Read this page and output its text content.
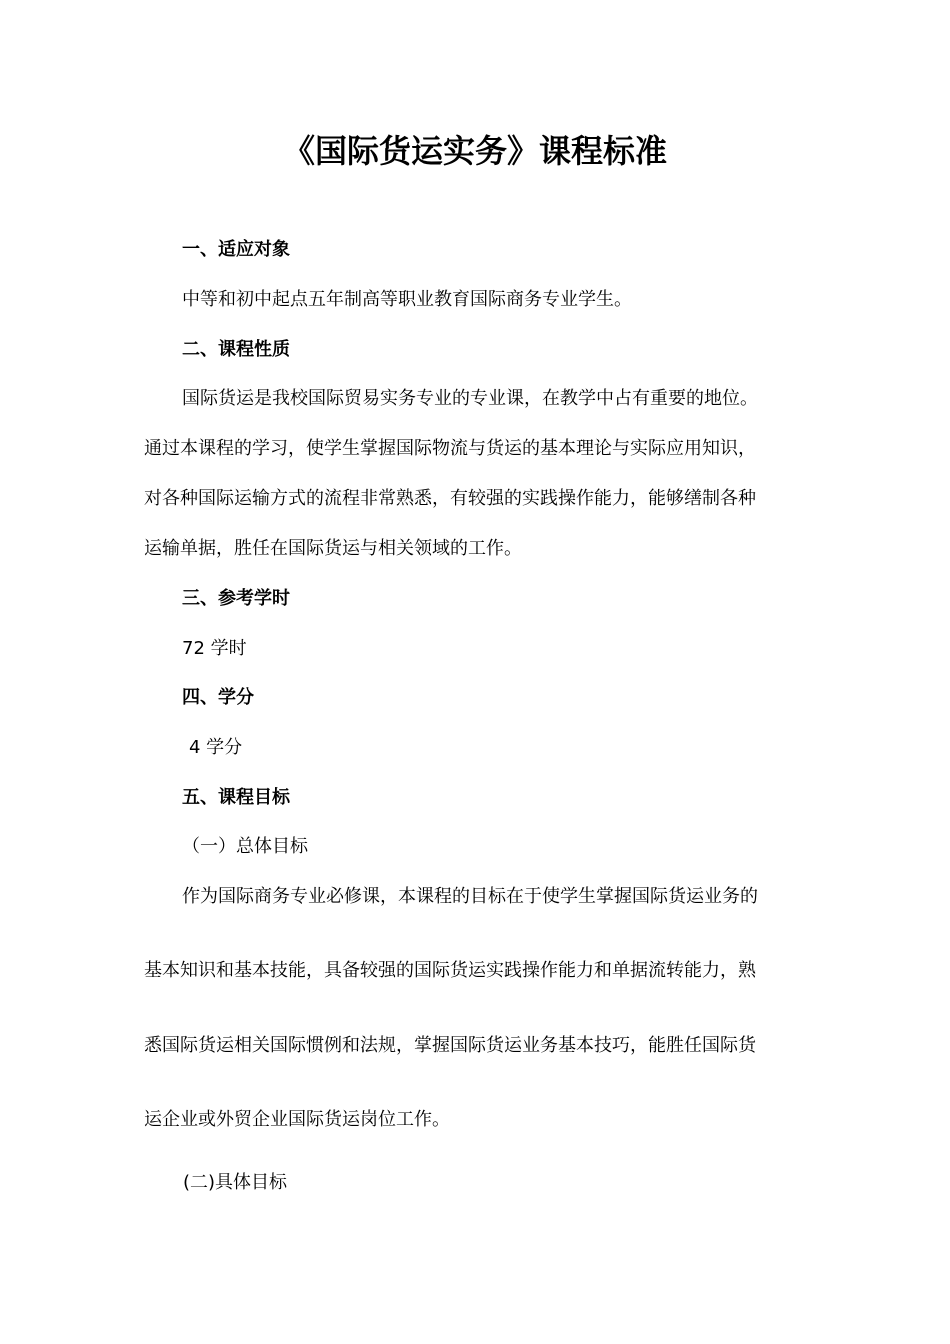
《国际货运实务》课程标准
一、适应对象
中等和初中起点五年制高等职业教育国际商务专业学生。
二、课程性质
国际货运是我校国际贸易实务专业的专业课，在教学中占有重要的地位。
通过本课程的学习，使学生掌握国际物流与货运的基本理论与实际应用知识，
对各种国际运输方式的流程非常熟悉，有较强的实践操作能力，能够缮制各种
运输单据，胜任在国际货运与相关领域的工作。
三、参考学时
72 学时
四、学分
4 学分
五、课程目标
（一）总体目标
作为国际商务专业必修课，本课程的目标在于使学生掌握国际货运业务的
基本知识和基本技能，具备较强的国际货运实践操作能力和单据流转能力，熟
悉国际货运相关国际惯例和法规，掌握国际货运业务基本技巧，能胜任国际货
运企业或外贸企业国际货运岗位工作。
(二)具体目标
